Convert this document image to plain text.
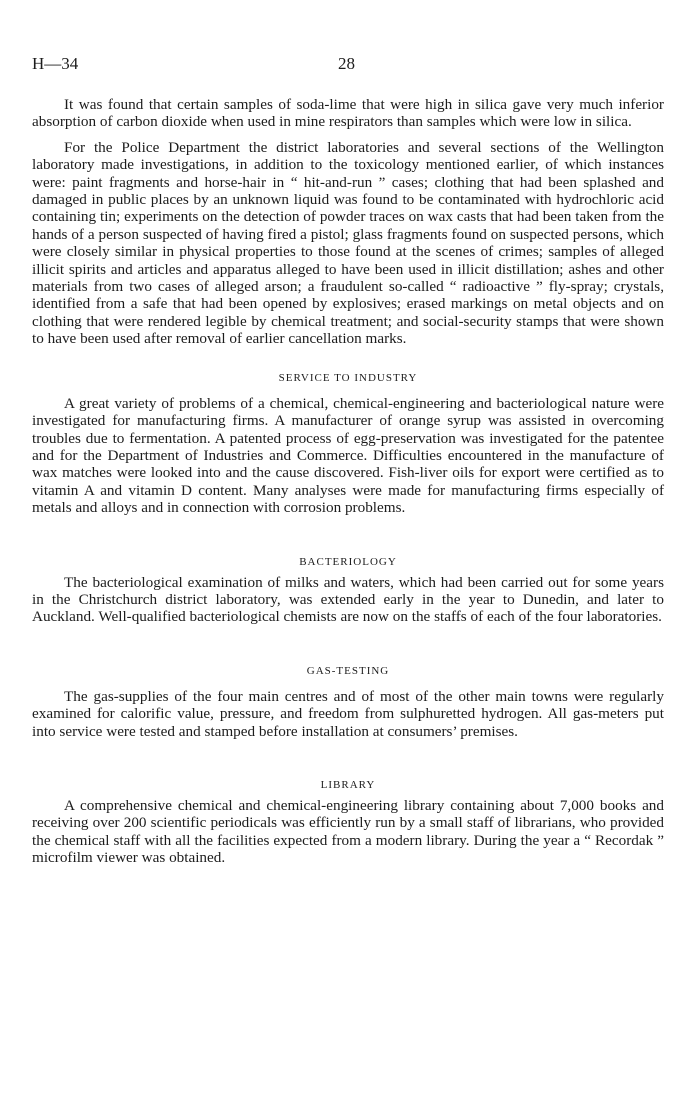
H—34	28

It was found that certain samples of soda-lime that were high in silica gave very much inferior absorption of carbon dioxide when used in mine respirators than samples which were low in silica.

For the Police Department the district laboratories and several sections of the Wellington laboratory made investigations, in addition to the toxicology mentioned earlier, of which instances were: paint fragments and horse-hair in “ hit-and-run ” cases; clothing that had been splashed and damaged in public places by an unknown liquid was found to be contaminated with hydrochloric acid containing tin; experiments on the detection of powder traces on wax casts that had been taken from the hands of a person suspected of having fired a pistol; glass fragments found on suspected persons, which were closely similar in physical properties to those found at the scenes of crimes; samples of alleged illicit spirits and articles and apparatus alleged to have been used in illicit distillation; ashes and other materials from two cases of alleged arson; a fraudulent so-called “ radioactive ” fly-spray; crystals, identified from a safe that had been opened by explosives; erased markings on metal objects and on clothing that were rendered legible by chemical treatment; and social-security stamps that were shown to have been used after removal of earlier cancellation marks.

SERVICE TO INDUSTRY

A great variety of problems of a chemical, chemical-engineering and bacteriological nature were investigated for manufacturing firms. A manufacturer of orange syrup was assisted in overcoming troubles due to fermentation. A patented process of egg-preservation was investigated for the patentee and for the Department of Industries and Commerce. Difficulties encountered in the manufacture of wax matches were looked into and the cause discovered. Fish-liver oils for export were certified as to vitamin A and vitamin D content. Many analyses were made for manufacturing firms especially of metals and alloys and in connection with corrosion problems.

BACTERIOLOGY

The bacteriological examination of milks and waters, which had been carried out for some years in the Christchurch district laboratory, was extended early in the year to Dunedin, and later to Auckland. Well-qualified bacteriological chemists are now on the staffs of each of the four laboratories.

GAS-TESTING

The gas-supplies of the four main centres and of most of the other main towns were regularly examined for calorific value, pressure, and freedom from sulphuretted hydrogen. All gas-meters put into service were tested and stamped before installation at consumers’ premises.

LIBRARY

A comprehensive chemical and chemical-engineering library containing about 7,000 books and receiving over 200 scientific periodicals was efficiently run by a small staff of librarians, who provided the chemical staff with all the facilities expected from a modern library. During the year a “ Recordak ” microfilm viewer was obtained.
